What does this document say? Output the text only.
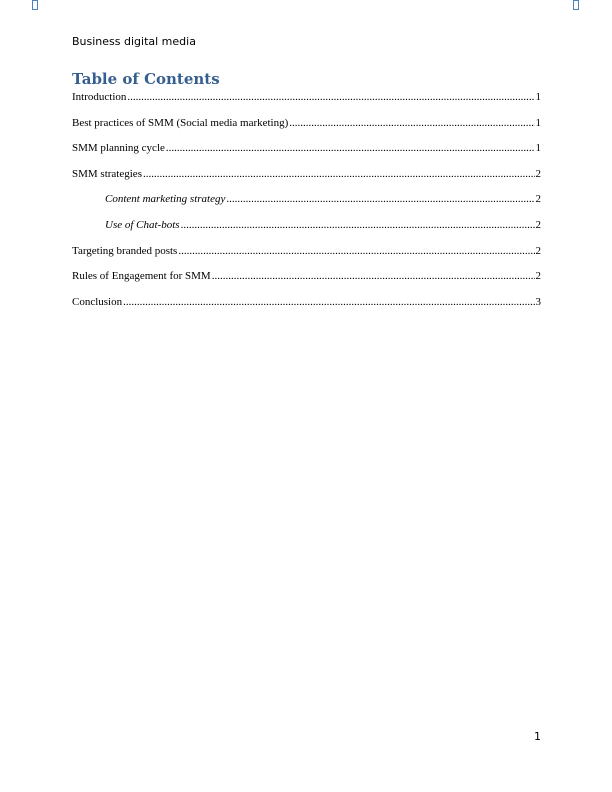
Business digital media
Table of Contents
Introduction .....	1
Best practices of SMM (Social media marketing) .....	1
SMM planning cycle .....	1
SMM strategies .....	2
Content marketing strategy .....	2
Use of Chat-bots .....	2
Targeting branded posts .....	2
Rules of Engagement for SMM .....	2
Conclusion .....	3
1
